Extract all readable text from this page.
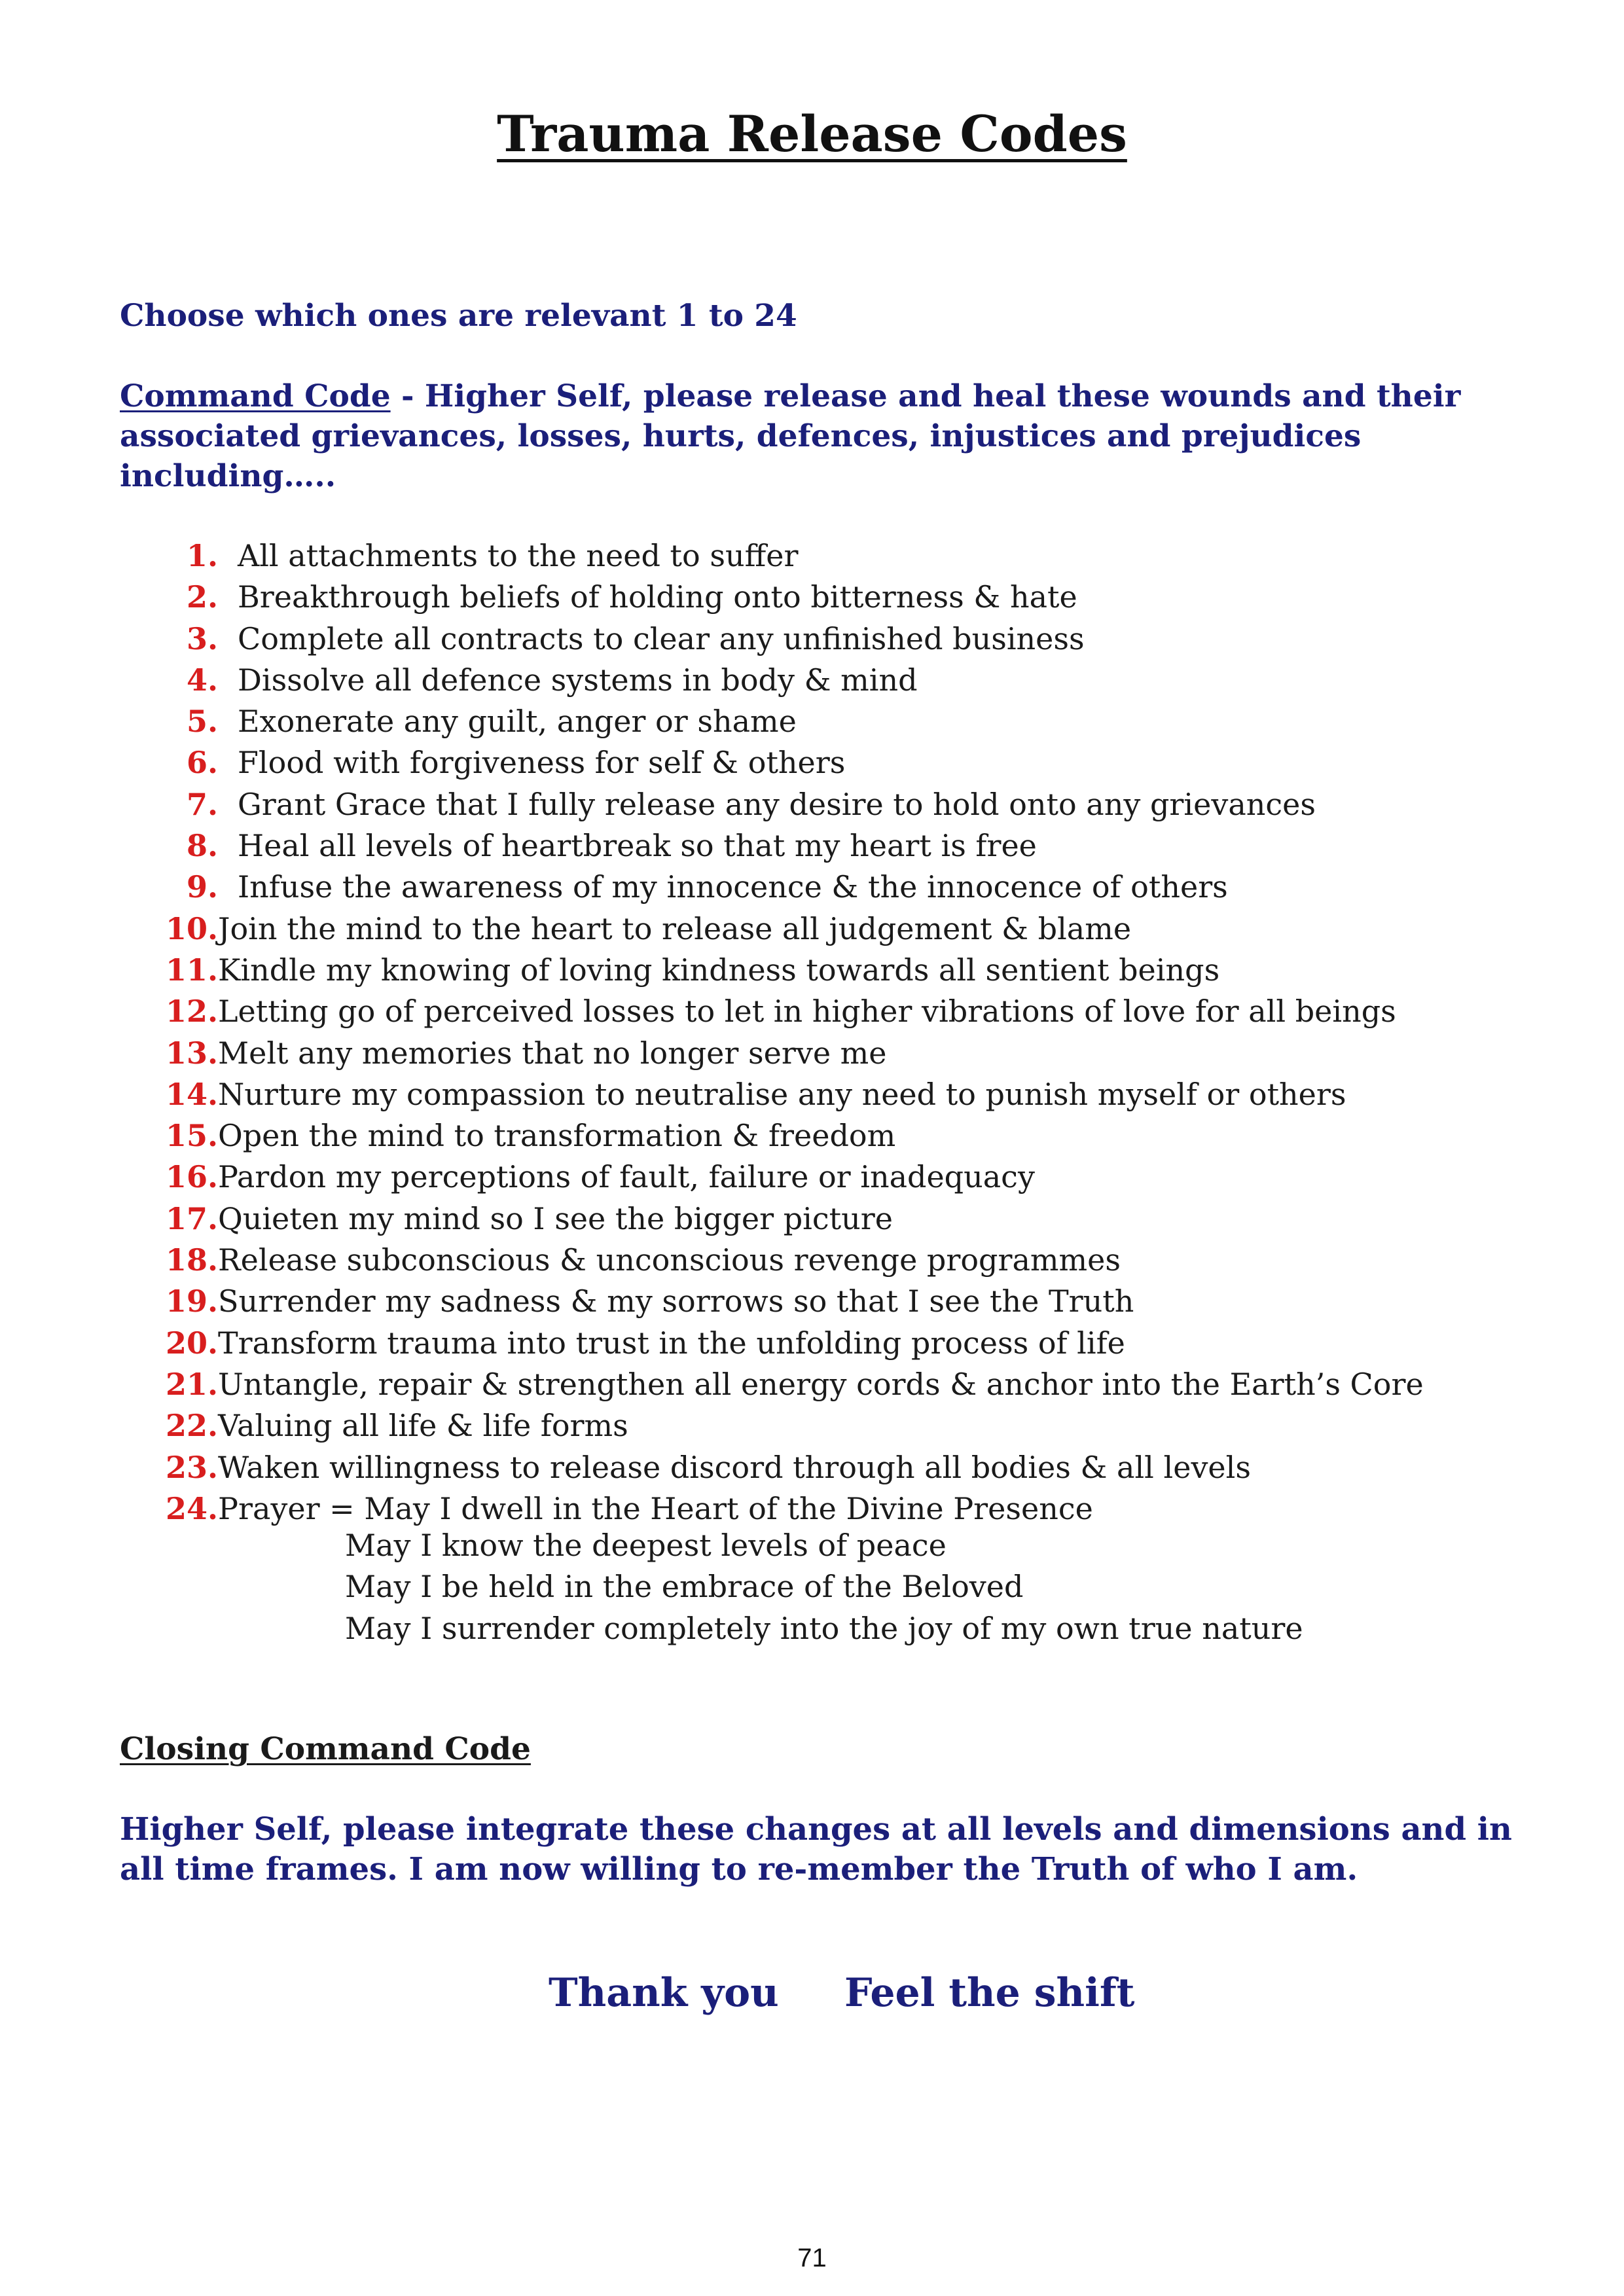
Trauma Release Codes

Choose which ones are relevant 1 to 24

Command Code - Higher Self, please release and heal these wounds and their associated grievances, losses, hurts, defences, injustices and prejudices including…..

1. All attachments to the need to suffer
2. Breakthrough beliefs of holding onto bitterness & hate
3. Complete all contracts to clear any unfinished business
4. Dissolve all defence systems in body & mind
5. Exonerate any guilt, anger or shame
6. Flood with forgiveness for self & others
7. Grant Grace that I fully release any desire to hold onto any grievances
8. Heal all levels of heartbreak so that my heart is free
9. Infuse the awareness of my innocence & the innocence of others
10. Join the mind to the heart to release all judgement & blame
11. Kindle my knowing of loving kindness towards all sentient beings
12. Letting go of perceived losses to let in higher vibrations of love for all beings
13. Melt any memories that no longer serve me
14. Nurture my compassion to neutralise any need to punish myself or others
15. Open the mind to transformation & freedom
16. Pardon my perceptions of fault, failure or inadequacy
17. Quieten my mind so I see the bigger picture
18. Release subconscious & unconscious revenge programmes
19. Surrender my sadness & my sorrows so that I see the Truth
20. Transform trauma into trust in the unfolding process of life
21. Untangle, repair & strengthen all energy cords & anchor into the Earth’s Core
22. Valuing all life & life forms
23. Waken willingness to release discord through all bodies & all levels
24. Prayer = May I dwell in the Heart of the Divine Presence
May I know the deepest levels of peace
May I be held in the embrace of the Beloved
May I surrender completely into the joy of my own true nature

Closing Command Code

Higher Self, please integrate these changes at all levels and dimensions and in all time frames. I am now willing to re-member the Truth of who I am.

Thank you Feel the shift

71
